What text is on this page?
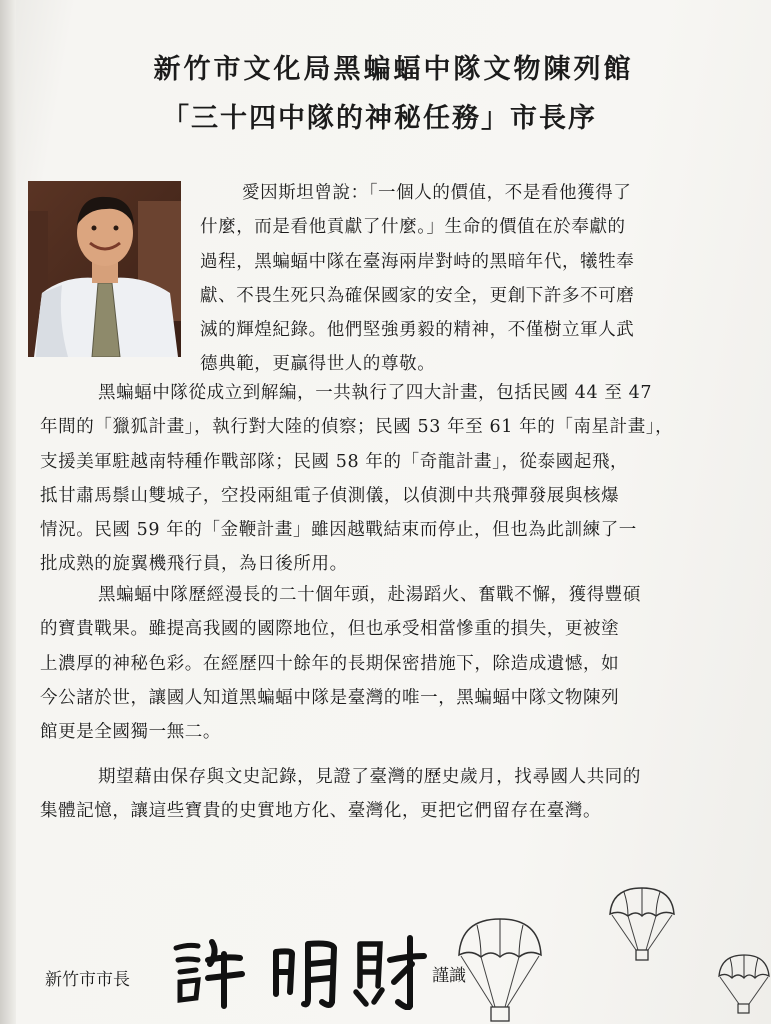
新竹市文化局黑蝙蝠中隊文物陳列館
「三十四中隊的神秘任務」市長序
愛因斯坦曾說：「一個人的價值，不是看他獲得了
什麼，而是看他貢獻了什麼。」生命的價值在於奉獻的
過程，黑蝙蝠中隊在臺海兩岸對峙的黑暗年代，犧牲奉
獻、不畏生死只為確保國家的安全，更創下許多不可磨
滅的輝煌紀錄。他們堅強勇毅的精神，不僅樹立軍人武
德典範，更贏得世人的尊敬。
黑蝙蝠中隊從成立到解編，一共執行了四大計畫，包括民國 44 至 47
年間的「獵狐計畫」，執行對大陸的偵察；民國 53 年至 61 年的「南星計畫」，
支援美軍駐越南特種作戰部隊；民國 58 年的「奇龍計畫」，從泰國起飛，
抵甘肅馬鬃山雙城子，空投兩組電子偵測儀，以偵測中共飛彈發展與核爆
情況。民國 59 年的「金鞭計畫」雖因越戰結束而停止，但也為此訓練了一
批成熟的旋翼機飛行員，為日後所用。
黑蝙蝠中隊歷經漫長的二十個年頭，赴湯蹈火、奮戰不懈，獲得豐碩
的寶貴戰果。雖提高我國的國際地位，但也承受相當慘重的損失，更被塗
上濃厚的神秘色彩。在經歷四十餘年的長期保密措施下，除造成遺憾，如
今公諸於世，讓國人知道黑蝙蝠中隊是臺灣的唯一，黑蝙蝠中隊文物陳列
館更是全國獨一無二。
期望藉由保存與文史記錄，見證了臺灣的歷史歲月，找尋國人共同的
集體記憶，讓這些寶貴的史實地方化、臺灣化，更把它們留存在臺灣。
新竹市市長	謹識
